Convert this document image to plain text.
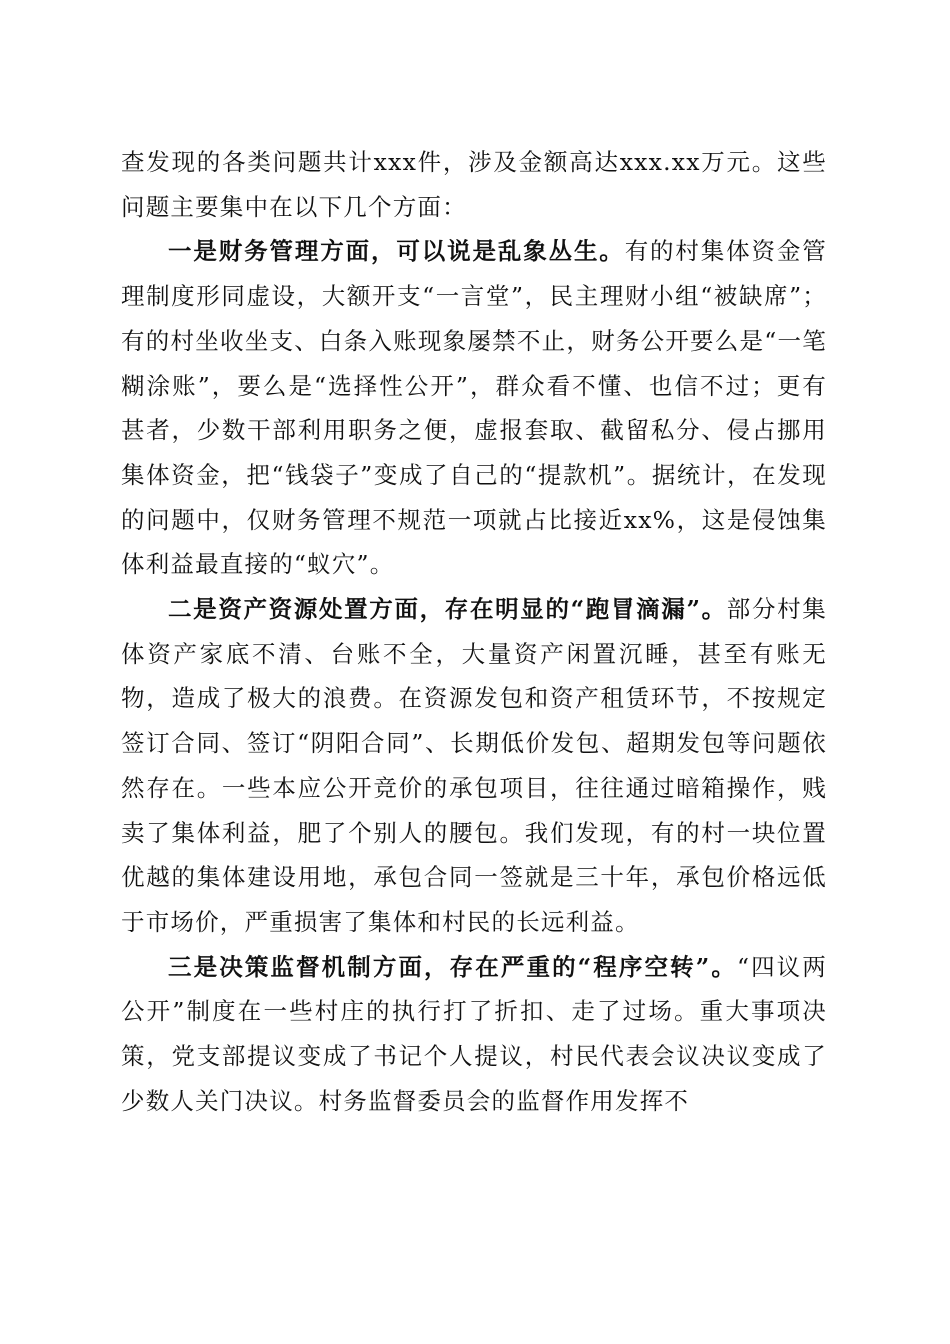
查发现的各类问题共计xxx件，涉及金额高达xxx.xx万元。这些问题主要集中在以下几个方面：

一是财务管理方面，可以说是乱象丛生。有的村集体资金管理制度形同虚设，大额开支“一言堂”，民主理财小组“被缺席”；有的村坐收坐支、白条入账现象屡禁不止，财务公开要么是“一笔糊涂账”，要么是“选择性公开”，群众看不懂、也信不过；更有甚者，少数干部利用职务之便，虚报套取、截留私分、侵占挪用集体资金，把“钱袋子”变成了自己的“提款机”。据统计，在发现的问题中，仅财务管理不规范一项就占比接近xx%，这是侵蚀集体利益最直接的“蚁穴”。

二是资产资源处置方面，存在明显的“跑冒滴漏”。部分村集体资产家底不清、台账不全，大量资产闲置沉睡，甚至有账无物，造成了极大的浪费。在资源发包和资产租赁环节，不按规定签订合同、签订“阴阳合同”、长期低价发包、超期发包等问题依然存在。一些本应公开竞价的承包项目，往往通过暗箱操作，贱卖了集体利益，肥了个别人的腰包。我们发现，有的村一块位置优越的集体建设用地，承包合同一签就是三十年，承包价格远低于市场价，严重损害了集体和村民的长远利益。

三是决策监督机制方面，存在严重的“程序空转”。“四议两公开”制度在一些村庄的执行打了折扣、走了过场。重大事项决策，党支部提议变成了书记个人提议，村民代表会议决议变成了少数人关门决议。村务监督委员会的监督作用发挥不
